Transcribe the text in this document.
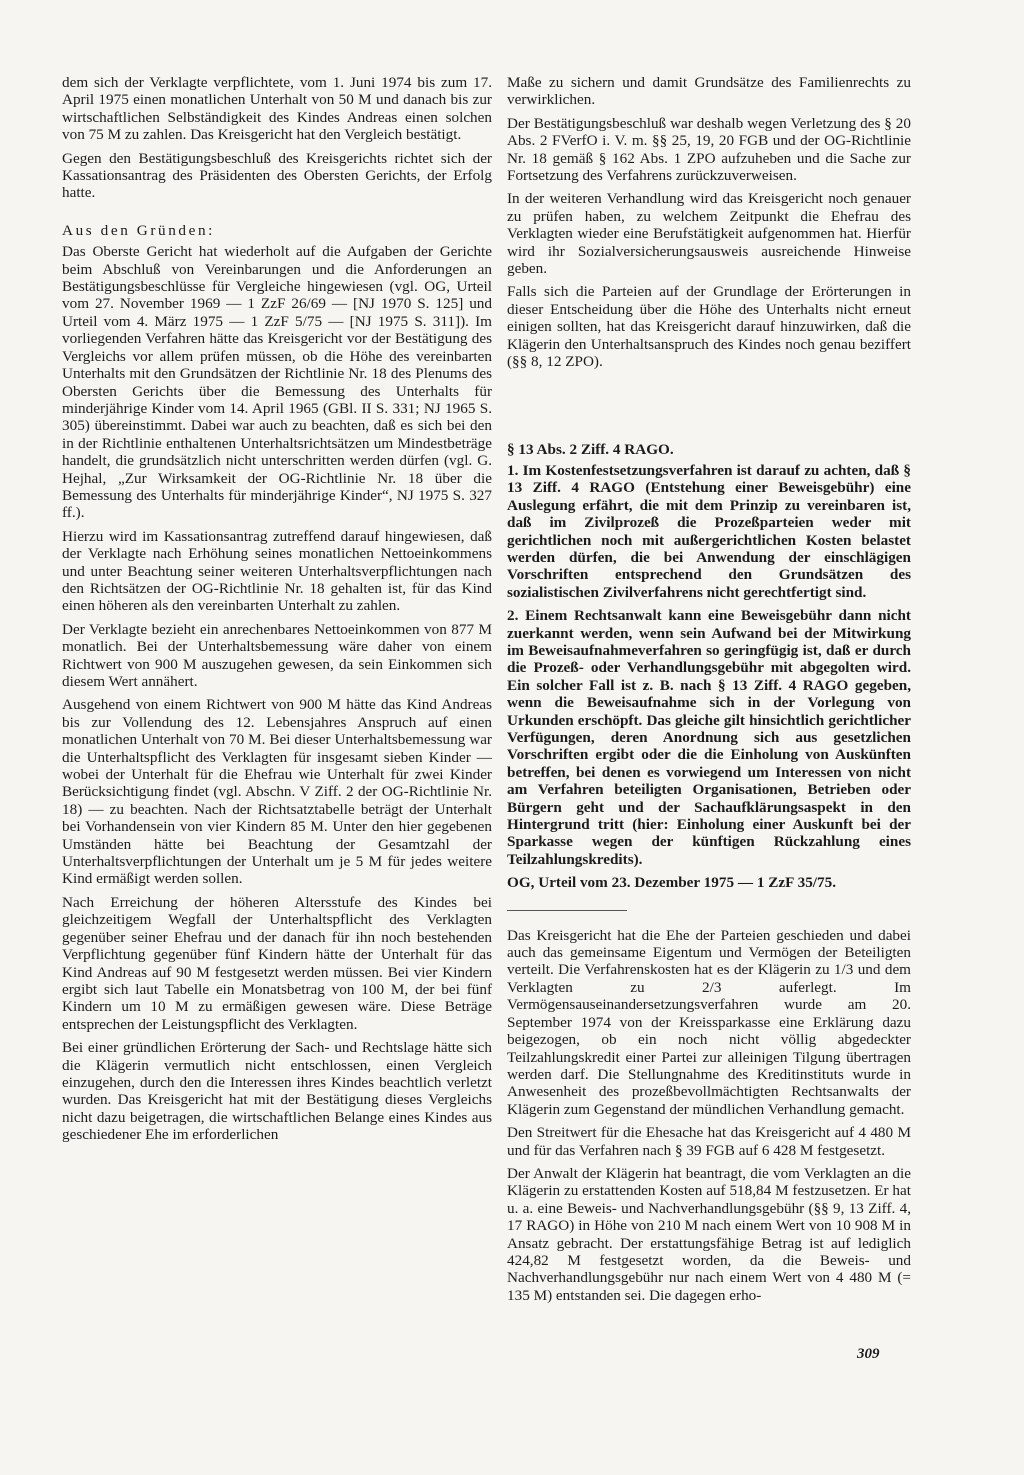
dem sich der Verklagte verpflichtete, vom 1. Juni 1974 bis zum 17. April 1975 einen monatlichen Unterhalt von 50 M und danach bis zur wirtschaftlichen Selbständigkeit des Kindes Andreas einen solchen von 75 M zu zahlen. Das Kreisgericht hat den Vergleich bestätigt.

Gegen den Bestätigungsbeschluß des Kreisgerichts richtet sich der Kassationsantrag des Präsidenten des Obersten Gerichts, der Erfolg hatte.

Aus den Gründen:

Das Oberste Gericht hat wiederholt auf die Aufgaben der Gerichte beim Abschluß von Vereinbarungen und die Anforderungen an Bestätigungsbeschlüsse für Vergleiche hingewiesen (vgl. OG, Urteil vom 27. November 1969 — 1 ZzF 26/69 — [NJ 1970 S. 125] und Urteil vom 4. März 1975 — 1 ZzF 5/75 — [NJ 1975 S. 311]). Im vorliegenden Verfahren hätte das Kreisgericht vor der Bestätigung des Vergleichs vor allem prüfen müssen, ob die Höhe des vereinbarten Unterhalts mit den Grundsätzen der Richtlinie Nr. 18 des Plenums des Obersten Gerichts über die Bemessung des Unterhalts für minderjährige Kinder vom 14. April 1965 (GBl. II S. 331; NJ 1965 S. 305) übereinstimmt. Dabei war auch zu beachten, daß es sich bei den in der Richtlinie enthaltenen Unterhaltsrichtsätzen um Mindestbeträge handelt, die grundsätzlich nicht unterschritten werden dürfen (vgl. G. Hejhal, „Zur Wirksamkeit der OG-Richtlinie Nr. 18 über die Bemessung des Unterhalts für minderjährige Kinder“, NJ 1975 S. 327 ff.).

Hierzu wird im Kassationsantrag zutreffend darauf hingewiesen, daß der Verklagte nach Erhöhung seines monatlichen Nettoeinkommens und unter Beachtung seiner weiteren Unterhaltsverpflichtungen nach den Richtsätzen der OG-Richtlinie Nr. 18 gehalten ist, für das Kind einen höheren als den vereinbarten Unterhalt zu zahlen.

Der Verklagte bezieht ein anrechenbares Nettoeinkommen von 877 M monatlich. Bei der Unterhaltsbemessung wäre daher von einem Richtwert von 900 M auszugehen gewesen, da sein Einkommen sich diesem Wert annähert.

Ausgehend von einem Richtwert von 900 M hätte das Kind Andreas bis zur Vollendung des 12. Lebensjahres Anspruch auf einen monatlichen Unterhalt von 70 M. Bei dieser Unterhaltsbemessung war die Unterhaltspflicht des Verklagten für insgesamt sieben Kinder — wobei der Unterhalt für die Ehefrau wie Unterhalt für zwei Kinder Berücksichtigung findet (vgl. Abschn. V Ziff. 2 der OG-Richtlinie Nr. 18) — zu beachten. Nach der Richtsatztabelle beträgt der Unterhalt bei Vorhandensein von vier Kindern 85 M. Unter den hier gegebenen Umständen hätte bei Beachtung der Gesamtzahl der Unterhaltsverpflichtungen der Unterhalt um je 5 M für jedes weitere Kind ermäßigt werden sollen.

Nach Erreichung der höheren Altersstufe des Kindes bei gleichzeitigem Wegfall der Unterhaltspflicht des Verklagten gegenüber seiner Ehefrau und der danach für ihn noch bestehenden Verpflichtung gegenüber fünf Kindern hätte der Unterhalt für das Kind Andreas auf 90 M festgesetzt werden müssen. Bei vier Kindern ergibt sich laut Tabelle ein Monatsbetrag von 100 M, der bei fünf Kindern um 10 M zu ermäßigen gewesen wäre. Diese Beträge entsprechen der Leistungspflicht des Verklagten.

Bei einer gründlichen Erörterung der Sach- und Rechtslage hätte sich die Klägerin vermutlich nicht entschlossen, einen Vergleich einzugehen, durch den die Interessen ihres Kindes beachtlich verletzt wurden. Das Kreisgericht hat mit der Bestätigung dieses Vergleichs nicht dazu beigetragen, die wirtschaftlichen Belange eines Kindes aus geschiedener Ehe im erforderlichen

Maße zu sichern und damit Grundsätze des Familienrechts zu verwirklichen.

Der Bestätigungsbeschluß war deshalb wegen Verletzung des § 20 Abs. 2 FVerfO i. V. m. §§ 25, 19, 20 FGB und der OG-Richtlinie Nr. 18 gemäß § 162 Abs. 1 ZPO aufzuheben und die Sache zur Fortsetzung des Verfahrens zurückzuverweisen.

In der weiteren Verhandlung wird das Kreisgericht noch genauer zu prüfen haben, zu welchem Zeitpunkt die Ehefrau des Verklagten wieder eine Berufstätigkeit aufgenommen hat. Hierfür wird ihr Sozialversicherungsausweis ausreichende Hinweise geben.

Falls sich die Parteien auf der Grundlage der Erörterungen in dieser Entscheidung über die Höhe des Unterhalts nicht erneut einigen sollten, hat das Kreisgericht darauf hinzuwirken, daß die Klägerin den Unterhaltsanspruch des Kindes noch genau beziffert (§§ 8, 12 ZPO).

§ 13 Abs. 2 Ziff. 4 RAGO.

1. Im Kostenfestsetzungsverfahren ist darauf zu achten, daß § 13 Ziff. 4 RAGO (Entstehung einer Beweisgebühr) eine Auslegung erfährt, die mit dem Prinzip zu vereinbaren ist, daß im Zivilprozeß die Prozeßparteien weder mit gerichtlichen noch mit außergerichtlichen Kosten belastet werden dürfen, die bei Anwendung der einschlägigen Vorschriften entsprechend den Grundsätzen des sozialistischen Zivilverfahrens nicht gerechtfertigt sind.

2. Einem Rechtsanwalt kann eine Beweisgebühr dann nicht zuerkannt werden, wenn sein Aufwand bei der Mitwirkung im Beweisaufnahmeverfahren so geringfügig ist, daß er durch die Prozeß- oder Verhandlungsgebühr mit abgegolten wird. Ein solcher Fall ist z. B. nach § 13 Ziff. 4 RAGO gegeben, wenn die Beweisaufnahme sich in der Vorlegung von Urkunden erschöpft. Das gleiche gilt hinsichtlich gerichtlicher Verfügungen, deren Anordnung sich aus gesetzlichen Vorschriften ergibt oder die die Einholung von Auskünften betreffen, bei denen es vorwiegend um Interessen von nicht am Verfahren beteiligten Organisationen, Betrieben oder Bürgern geht und der Sachaufklärungsaspekt in den Hintergrund tritt (hier: Einholung einer Auskunft bei der Sparkasse wegen der künftigen Rückzahlung eines Teilzahlungskredits).

OG, Urteil vom 23. Dezember 1975 — 1 ZzF 35/75.

Das Kreisgericht hat die Ehe der Parteien geschieden und dabei auch das gemeinsame Eigentum und Vermögen der Beteiligten verteilt. Die Verfahrenskosten hat es der Klägerin zu 1/3 und dem Verklagten zu 2/3 auferlegt. Im Vermögensauseinandersetzungsverfahren wurde am 20. September 1974 von der Kreissparkasse eine Erklärung dazu beigezogen, ob ein noch nicht völlig abgedeckter Teilzahlungskredit einer Partei zur alleinigen Tilgung übertragen werden darf. Die Stellungnahme des Kreditinstituts wurde in Anwesenheit des prozeßbevollmächtigten Rechtsanwalts der Klägerin zum Gegenstand der mündlichen Verhandlung gemacht.

Den Streitwert für die Ehesache hat das Kreisgericht auf 4 480 M und für das Verfahren nach § 39 FGB auf 6 428 M festgesetzt.

Der Anwalt der Klägerin hat beantragt, die vom Verklagten an die Klägerin zu erstattenden Kosten auf 518,84 M festzusetzen. Er hat u. a. eine Beweis- und Nachverhandlungsgebühr (§§ 9, 13 Ziff. 4, 17 RAGO) in Höhe von 210 M nach einem Wert von 10 908 M in Ansatz gebracht. Der erstattungsfähige Betrag ist auf lediglich 424,82 M festgesetzt worden, da die Beweis- und Nachverhandlungsgebühr nur nach einem Wert von 4 480 M (= 135 M) entstanden sei. Die dagegen erho-

309
